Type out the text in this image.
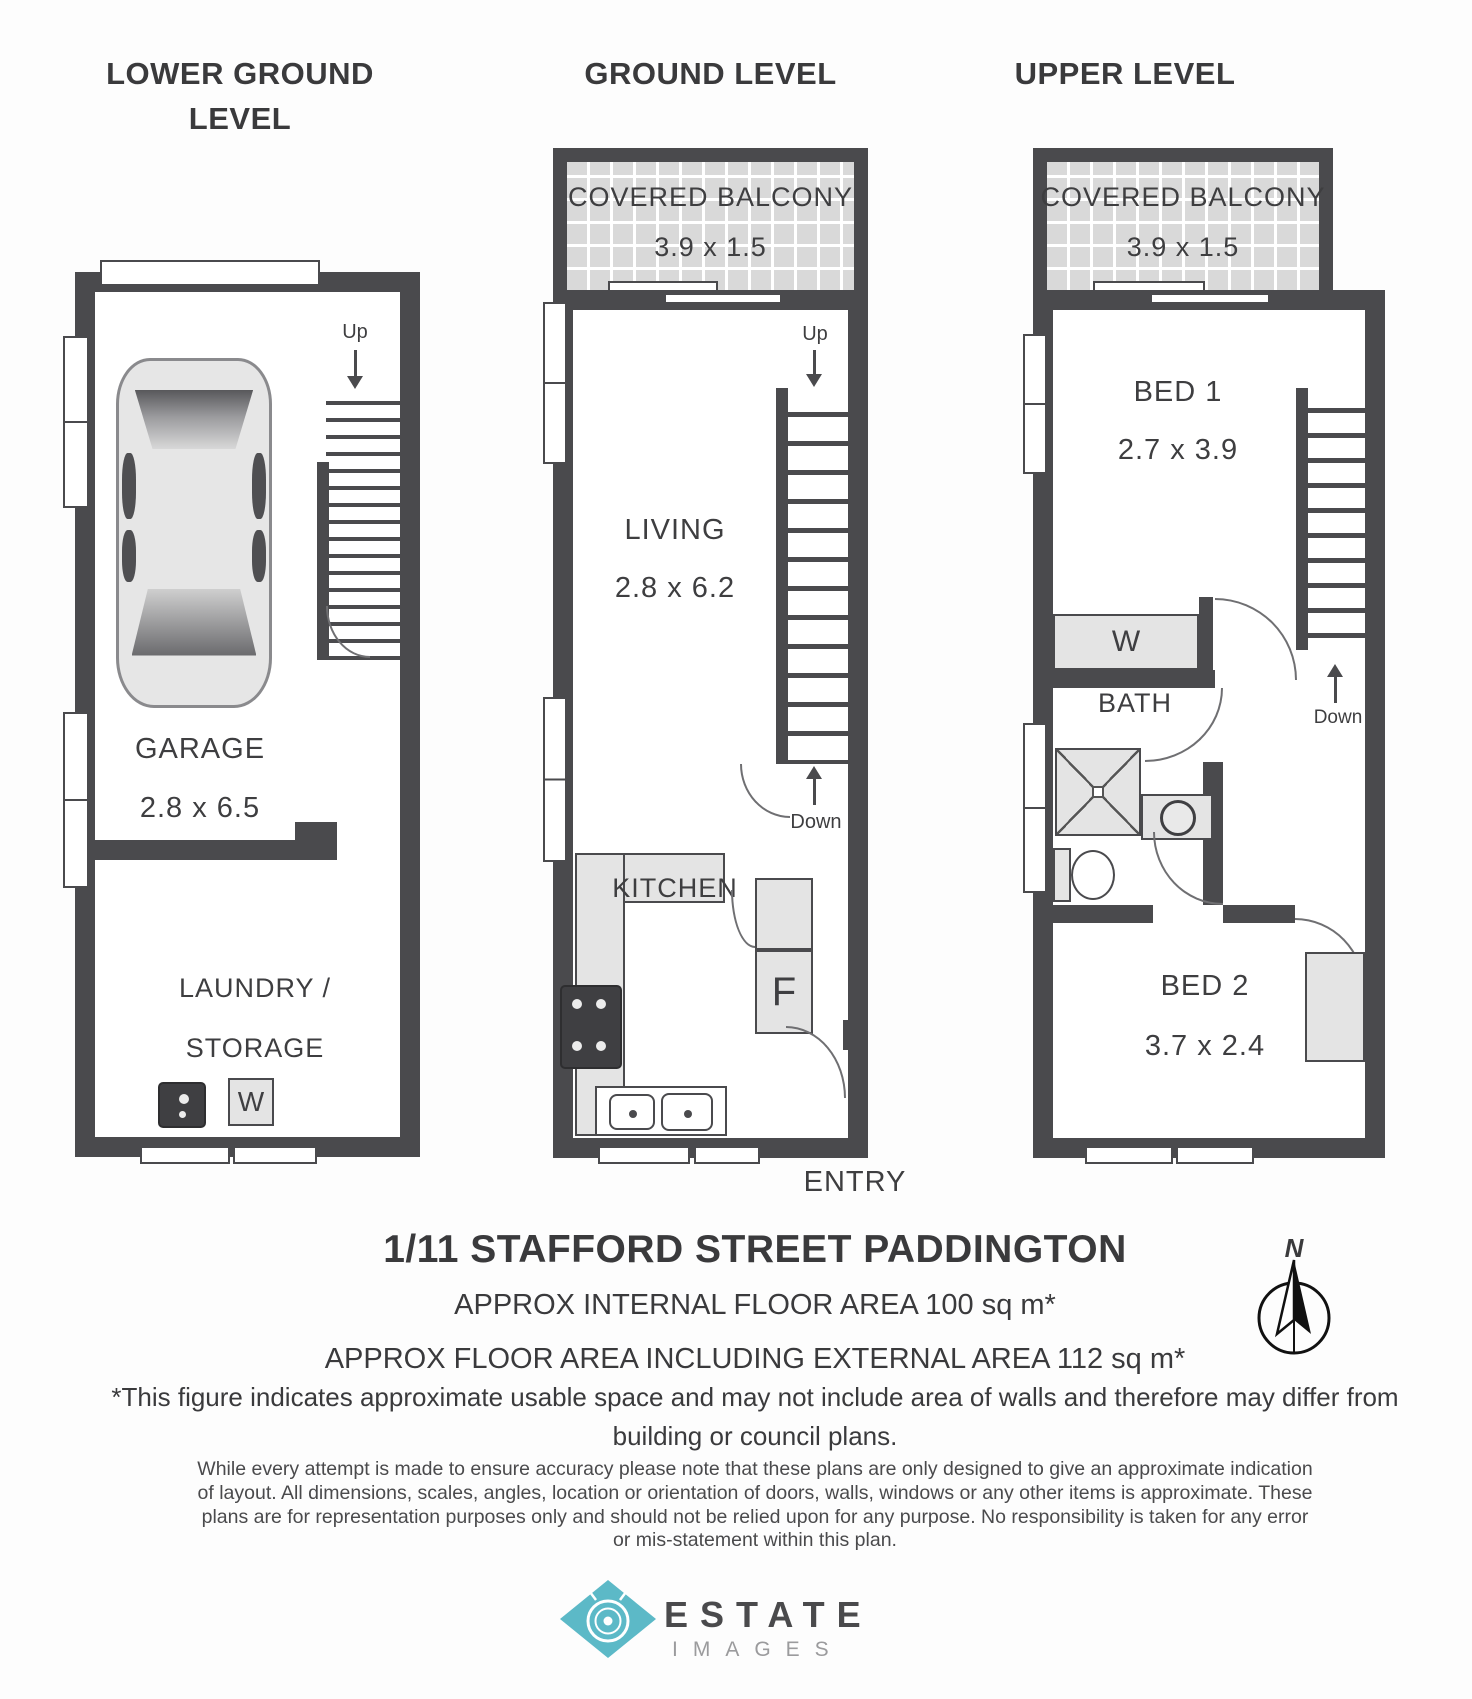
LOWER GROUND LEVEL
Up
GARAGE
2.8 x 6.5
LAUNDRY /
STORAGE
W
GROUND LEVEL
COVERED BALCONY
3.9 x 1.5
Up
Down
LIVING
2.8 x 6.2
KITCHEN
F
ENTRY
UPPER LEVEL
COVERED BALCONY
3.9 x 1.5
BED 1
2.7 x 3.9
Down
W
BATH
BED 2
3.7 x 2.4
1/11 STAFFORD STREET PADDINGTON
APPROX INTERNAL FLOOR AREA 100 sq m*
APPROX FLOOR AREA INCLUDING EXTERNAL AREA 112 sq m*
*This figure indicates approximate usable space and may not include area of walls and therefore may differ from building or council plans.
While every attempt is made to ensure accuracy please note that these plans are only designed to give an approximate indication of layout. All dimensions, scales, angles, location or orientation of doors, walls, windows or any other items is approximate. These plans are for representation purposes only and should not be relied upon for any purpose. No responsibility is taken for any error or mis-statement within this plan.
N
ESTATE
IMAGES
